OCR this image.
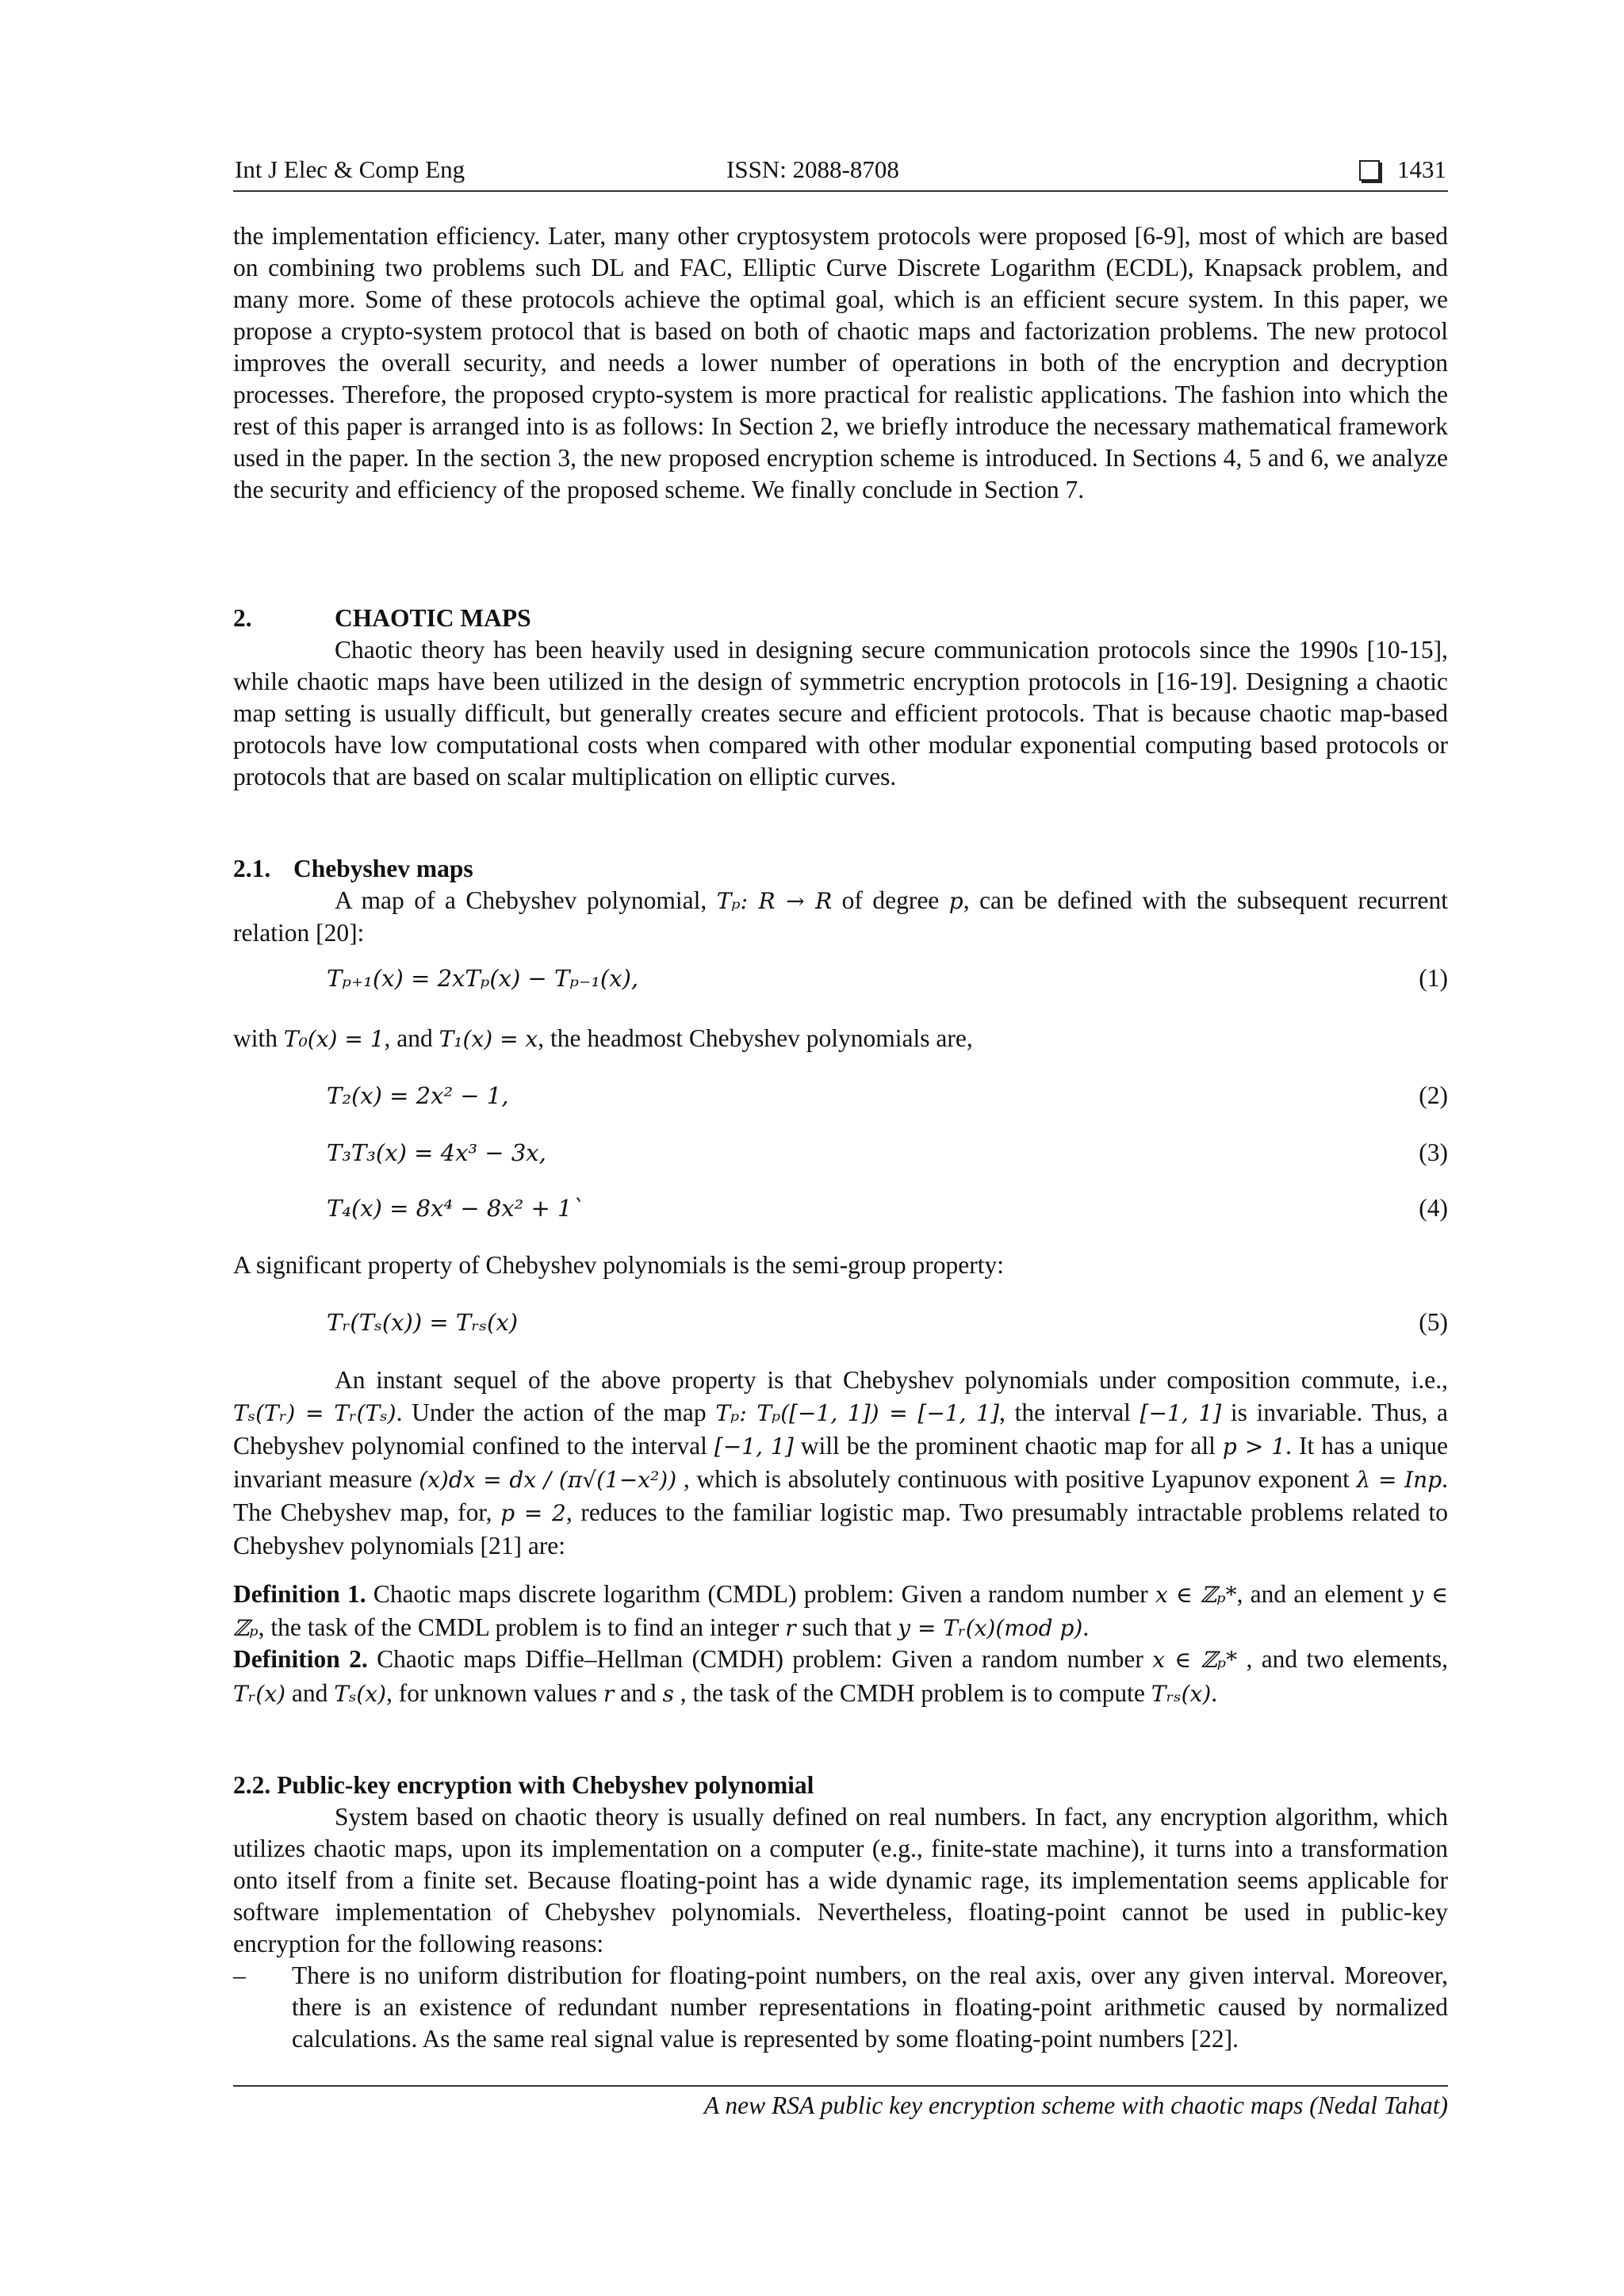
Int J Elec & Comp Eng	ISSN: 2088-8708	1431
the implementation efficiency. Later, many other cryptosystem protocols were proposed [6-9], most of which are based on combining two problems such DL and FAC, Elliptic Curve Discrete Logarithm (ECDL), Knapsack problem, and many more. Some of these protocols achieve the optimal goal, which is an efficient secure system. In this paper, we propose a crypto-system protocol that is based on both of chaotic maps and factorization problems. The new protocol improves the overall security, and needs a lower number of operations in both of the encryption and decryption processes. Therefore, the proposed crypto-system is more practical for realistic applications. The fashion into which the rest of this paper is arranged into is as follows: In Section 2, we briefly introduce the necessary mathematical framework used in the paper. In the section 3, the new proposed encryption scheme is introduced. In Sections 4, 5 and 6, we analyze the security and efficiency of the proposed scheme. We finally conclude in Section 7.
2.	CHAOTIC MAPS
Chaotic theory has been heavily used in designing secure communication protocols since the 1990s [10-15], while chaotic maps have been utilized in the design of symmetric encryption protocols in [16-19]. Designing a chaotic map setting is usually difficult, but generally creates secure and efficient protocols. That is because chaotic map-based protocols have low computational costs when compared with other modular exponential computing based protocols or protocols that are based on scalar multiplication on elliptic curves.
2.1. Chebyshev maps
A map of a Chebyshev polynomial, Tₚ: R → R of degree p, can be defined with the subsequent recurrent relation [20]:
Tₚ₊₁(x) = 2xTₚ(x) − Tₚ₋₁(x),	(1)
with T₀(x) = 1, and T₁(x) = x, the headmost Chebyshev polynomials are,
T₂(x) = 2x² − 1,	(2)
T₃T₃(x) = 4x³ − 3x,	(3)
T₄(x) = 8x⁴ − 8x² + 1`	(4)
A significant property of Chebyshev polynomials is the semi-group property:
Tᵣ(Tₛ(x)) = Tᵣₛ(x)	(5)
An instant sequel of the above property is that Chebyshev polynomials under composition commute, i.e., Tₛ(Tᵣ) = Tᵣ(Tₛ). Under the action of the map Tₚ: Tₚ([−1, 1]) = [−1, 1], the interval [−1, 1] is invariable. Thus, a Chebyshev polynomial confined to the interval [−1, 1] will be the prominent chaotic map for all p > 1. It has a unique invariant measure (x)dx = dx / (π√(1−x²)) , which is absolutely continuous with positive Lyapunov exponent λ = Inp. The Chebyshev map, for, p = 2, reduces to the familiar logistic map. Two presumably intractable problems related to Chebyshev polynomials [21] are:
Definition 1. Chaotic maps discrete logarithm (CMDL) problem: Given a random number x ∈ ℤₚ*, and an element y ∈ ℤₚ, the task of the CMDL problem is to find an integer r such that y = Tᵣ(x)(mod p).
Definition 2. Chaotic maps Diffie–Hellman (CMDH) problem: Given a random number x ∈ ℤₚ* , and two elements, Tᵣ(x) and Tₛ(x), for unknown values r and s , the task of the CMDH problem is to compute Tᵣₛ(x).
2.2. Public-key encryption with Chebyshev polynomial
System based on chaotic theory is usually defined on real numbers. In fact, any encryption algorithm, which utilizes chaotic maps, upon its implementation on a computer (e.g., finite-state machine), it turns into a transformation onto itself from a finite set. Because floating-point has a wide dynamic rage, its implementation seems applicable for software implementation of Chebyshev polynomials. Nevertheless, floating-point cannot be used in public-key encryption for the following reasons:
– There is no uniform distribution for floating-point numbers, on the real axis, over any given interval. Moreover, there is an existence of redundant number representations in floating-point arithmetic caused by normalized calculations. As the same real signal value is represented by some floating-point numbers [22].
A new RSA public key encryption scheme with chaotic maps (Nedal Tahat)
